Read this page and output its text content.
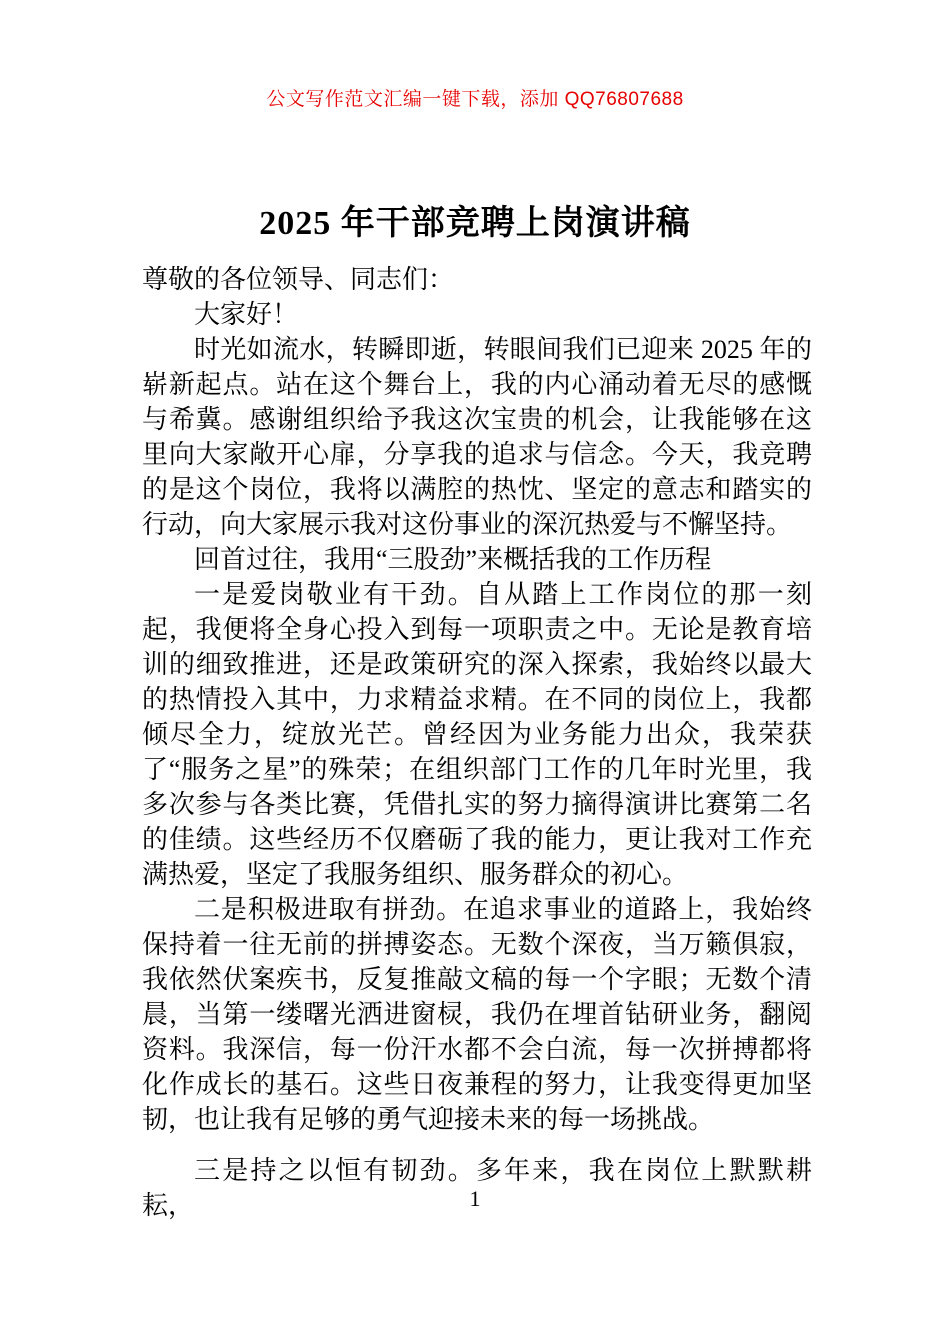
公文写作范文汇编一键下载，添加 QQ76807688
2025 年干部竞聘上岗演讲稿

尊敬的各位领导、同志们：

大家好！

时光如流水，转瞬即逝，转眼间我们已迎来 2025 年的崭新起点。站在这个舞台上，我的内心涌动着无尽的感慨与希冀。感谢组织给予我这次宝贵的机会，让我能够在这里向大家敞开心扉，分享我的追求与信念。今天，我竞聘的是这个岗位，我将以满腔的热忱、坚定的意志和踏实的行动，向大家展示我对这份事业的深沉热爱与不懈坚持。

回首过往，我用“三股劲”来概括我的工作历程

一是爱岗敬业有干劲。自从踏上工作岗位的那一刻起，我便将全身心投入到每一项职责之中。无论是教育培训的细致推进，还是政策研究的深入探索，我始终以最大的热情投入其中，力求精益求精。在不同的岗位上，我都倾尽全力，绽放光芒。曾经因为业务能力出众，我荣获了“服务之星”的殊荣；在组织部门工作的几年时光里，我多次参与各类比赛，凭借扎实的努力摘得演讲比赛第二名的佳绩。这些经历不仅磨砺了我的能力，更让我对工作充满热爱，坚定了我服务组织、服务群众的初心。

二是积极进取有拼劲。在追求事业的道路上，我始终保持着一往无前的拼搏姿态。无数个深夜，当万籁俱寂，我依然伏案疾书，反复推敲文稿的每一个字眼；无数个清晨，当第一缕曙光洒进窗棂，我仍在埋首钻研业务，翻阅资料。我深信，每一份汗水都不会白流，每一次拼搏都将化作成长的基石。这些日夜兼程的努力，让我变得更加坚韧，也让我有足够的勇气迎接未来的每一场挑战。

三是持之以恒有韧劲。多年来，我在岗位上默默耕耘，	1
